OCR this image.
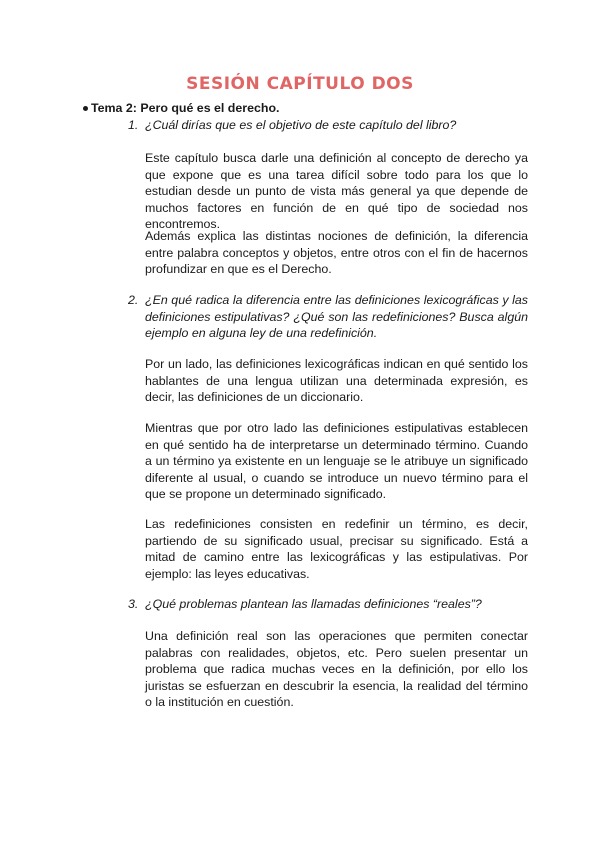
SESIÓN CAPÍTULO DOS
Tema 2: Pero qué es el derecho.
1. ¿Cuál dirías que es el objetivo de este capítulo del libro?

Este capítulo busca darle una definición al concepto de derecho ya que expone que es una tarea difícil sobre todo para los que lo estudian desde un punto de vista más general ya que depende de muchos factores en función de en qué tipo de sociedad nos encontremos.

Además explica las distintas nociones de definición, la diferencia entre palabra conceptos y objetos, entre otros con el fin de hacernos profundizar en que es el Derecho.

2. ¿En qué radica la diferencia entre las definiciones lexicográficas y las definiciones estipulativas? ¿Qué son las redefiniciones? Busca algún ejemplo en alguna ley de una redefinición.

Por un lado, las definiciones lexicográficas indican en qué sentido los hablantes de una lengua utilizan una determinada expresión, es decir, las definiciones de un diccionario.

Mientras que por otro lado las definiciones estipulativas establecen en qué sentido ha de interpretarse un determinado término. Cuando a un término ya existente en un lenguaje se le atribuye un significado diferente al usual, o cuando se introduce un nuevo término para el que se propone un determinado significado.

Las redefiniciones consisten en redefinir un término, es decir, partiendo de su significado usual, precisar su significado. Está a mitad de camino entre las lexicográficas y las estipulativas. Por ejemplo: las leyes educativas.

3. ¿Qué problemas plantean las llamadas definiciones “reales”?

Una definición real son las operaciones que permiten conectar palabras con realidades, objetos, etc. Pero suelen presentar un problema que radica muchas veces en la definición, por ello los juristas se esfuerzan en descubrir la esencia, la realidad del término o la institución en cuestión.
